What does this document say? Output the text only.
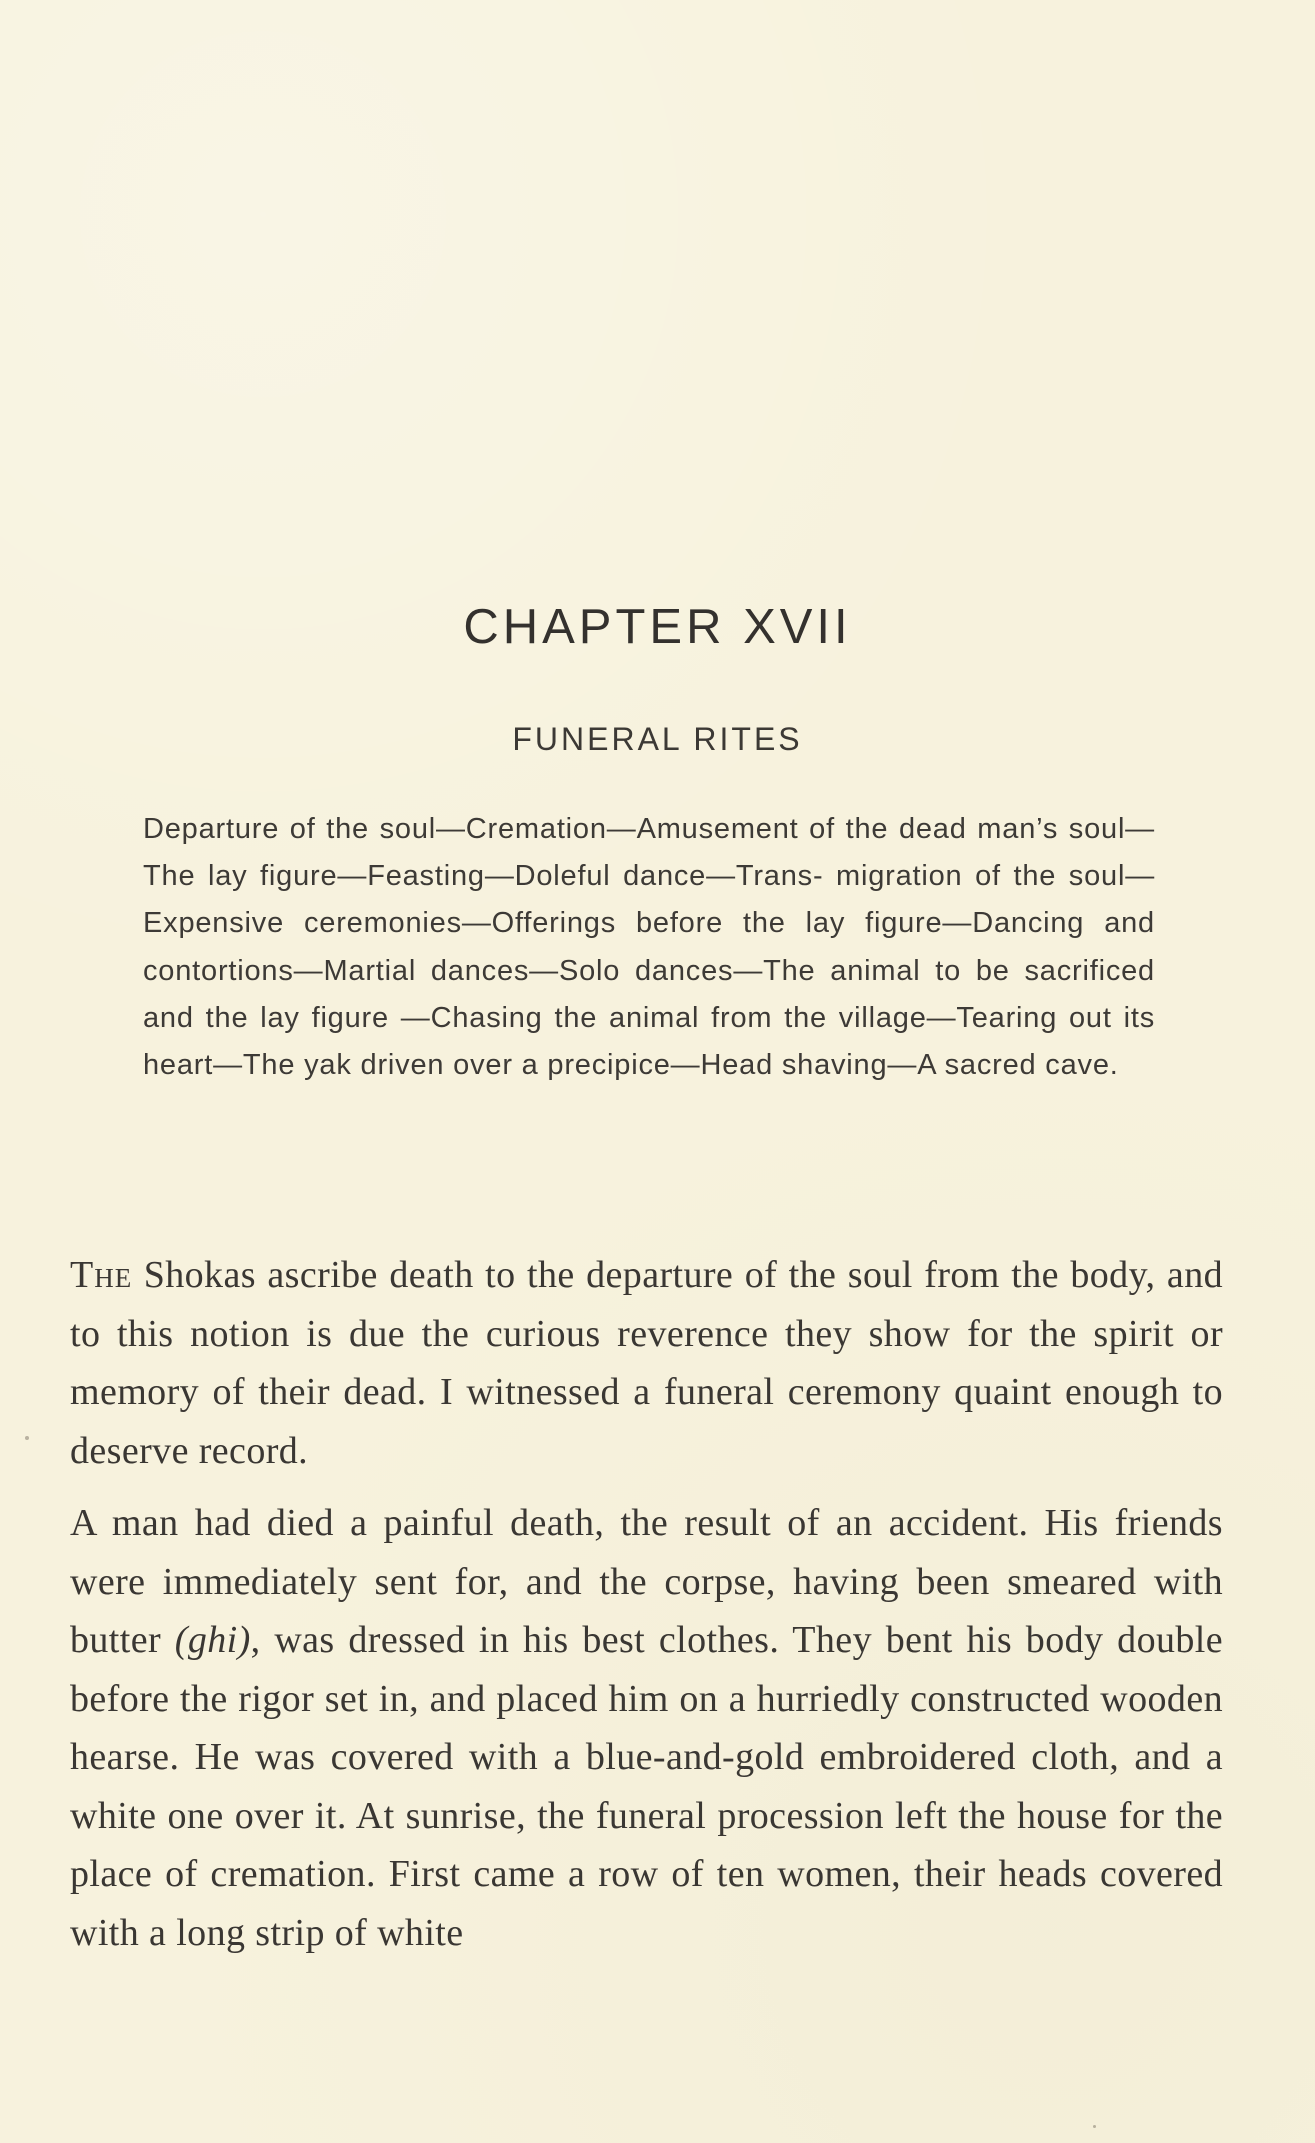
CHAPTER XVII
FUNERAL RITES
Departure of the soul—Cremation—Amusement of the dead man’s soul—The lay figure—Feasting—Doleful dance—Trans- migration of the soul—Expensive ceremonies—Offerings before the lay figure—Dancing and contortions—Martial dances—Solo dances—The animal to be sacrificed and the lay figure —Chasing the animal from the village—Tearing out its heart—The yak driven over a precipice—Head shaving—A sacred cave.

The Shokas ascribe death to the departure of the soul from the body, and to this notion is due the curious reverence they show for the spirit or memory of their dead. I witnessed a funeral ceremony quaint enough to deserve record.

A man had died a painful death, the result of an accident. His friends were immediately sent for, and the corpse, having been smeared with butter (ghi), was dressed in his best clothes. They bent his body double before the rigor set in, and placed him on a hurriedly constructed wooden hearse. He was covered with a blue-and-gold embroidered cloth, and a white one over it. At sunrise, the funeral procession left the house for the place of cremation. First came a row of ten women, their heads covered with a long strip of white
